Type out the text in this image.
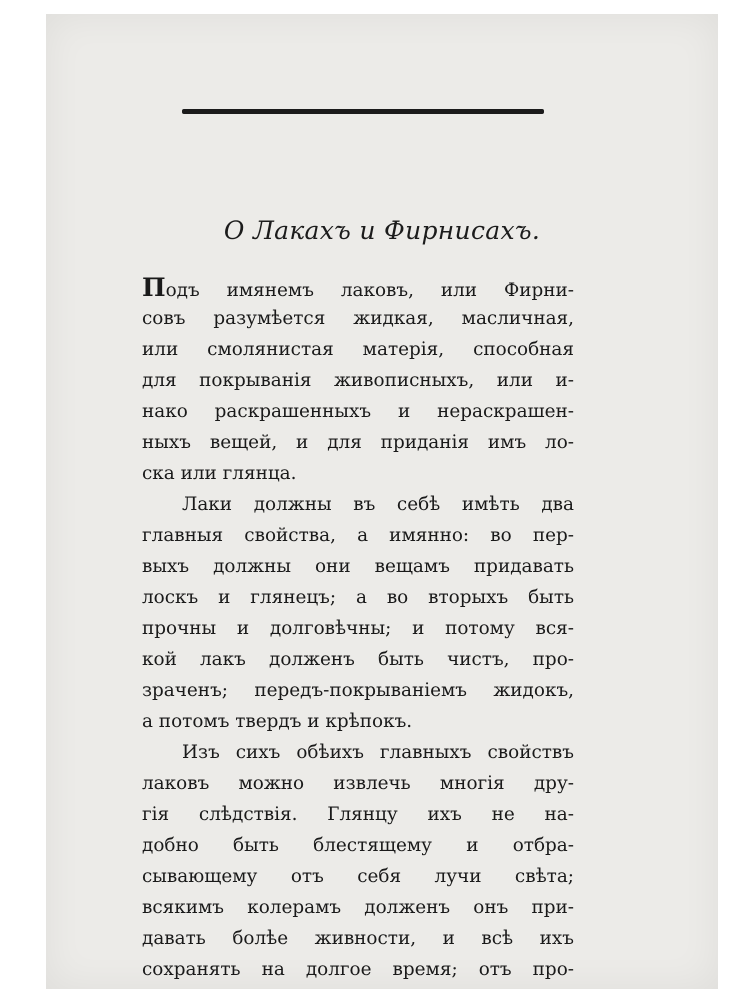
О Лакахъ и Фирнисахъ.
Подъ имянемъ лаковъ, или Фирни-
совъ разумѣется жидкая, масличная,
или смолянистая матерія, способная
для покрыванія живописныхъ, или и-
нако раскрашенныхъ и нераскрашен-
ныхъ вещей, и для приданія имъ ло-
ска или глянца.
Лаки должны въ себѣ имѣть два
главныя свойства, а имянно: во пер-
выхъ должны они вещамъ придавать
лоскъ и глянецъ; а во вторыхъ быть
прочны и долговѣчны; и потому вся-
кой лакъ долженъ быть чистъ, про-
зраченъ; передъ-покрываніемъ жидокъ,
а потомъ твердъ и крѣпокъ.
Изъ сихъ обѣихъ главныхъ свойствъ
лаковъ можно извлечь многія дру-
гія слѣдствія. Глянцу ихъ не на-
добно быть блестящему и отбра-
сывающему отъ себя лучи свѣта;
всякимъ колерамъ долженъ онъ при-
давать болѣе живности, и всѣ ихъ
сохранять на долгое время; отъ про-
